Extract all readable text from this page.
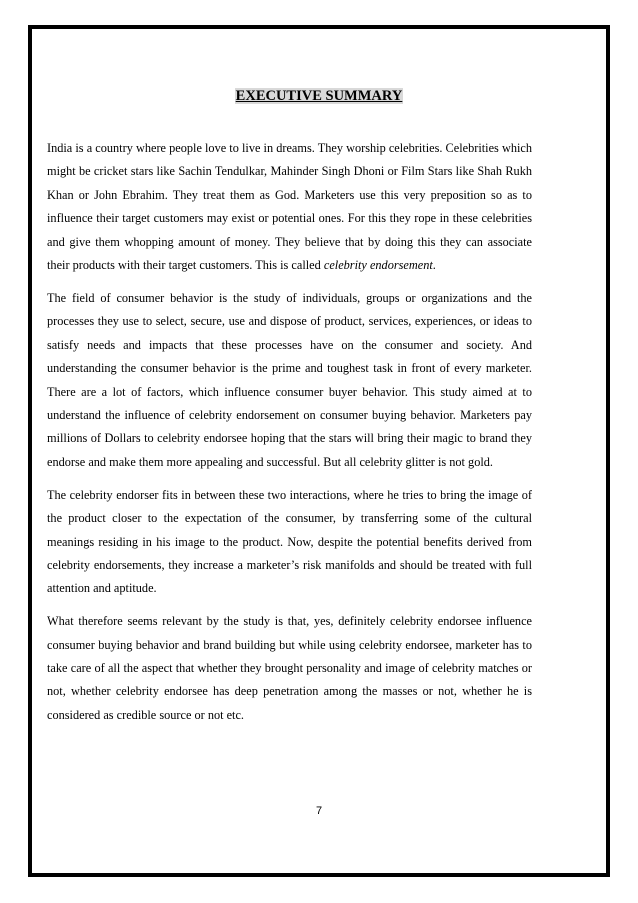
EXECUTIVE SUMMARY

India is a country where people love to live in dreams. They worship celebrities. Celebrities which might be cricket stars like Sachin Tendulkar, Mahinder Singh Dhoni or Film Stars like Shah Rukh Khan or John Ebrahim. They treat them as God. Marketers use this very preposition so as to influence their target customers may exist or potential ones. For this they rope in these celebrities and give them whopping amount of money. They believe that by doing this they can associate their products with their target customers. This is called celebrity endorsement.

The field of consumer behavior is the study of individuals, groups or organizations and the processes they use to select, secure, use and dispose of product, services, experiences, or ideas to satisfy needs and impacts that these processes have on the consumer and society. And understanding the consumer behavior is the prime and toughest task in front of every marketer. There are a lot of factors, which influence consumer buyer behavior. This study aimed at to understand the influence of celebrity endorsement on consumer buying behavior. Marketers pay millions of Dollars to celebrity endorsee hoping that the stars will bring their magic to brand they endorse and make them more appealing and successful. But all celebrity glitter is not gold.

The celebrity endorser fits in between these two interactions, where he tries to bring the image of the product closer to the expectation of the consumer, by transferring some of the cultural meanings residing in his image to the product. Now, despite the potential benefits derived from celebrity endorsements, they increase a marketer’s risk manifolds and should be treated with full attention and aptitude.

What therefore seems relevant by the study is that, yes, definitely celebrity endorsee influence consumer buying behavior and brand building but while using celebrity endorsee, marketer has to take care of all the aspect that whether they brought personality and image of celebrity matches or not, whether celebrity endorsee has deep penetration among the masses or not, whether he is considered as credible source or not etc.

7
